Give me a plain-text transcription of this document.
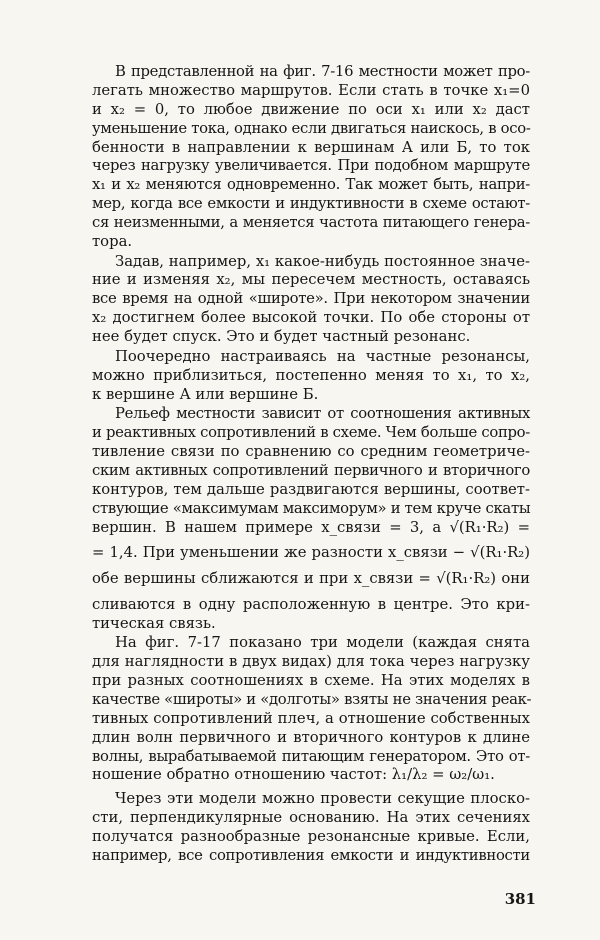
В представленной на фиг. 7-16 местности может про-
легать множество маршрутов. Если стать в точке x₁=0
и x₂ = 0, то любое движение по оси x₁ или x₂ даст
уменьшение тока, однако если двигаться наискось, в осо-
бенности в направлении к вершинам А или Б, то ток
через нагрузку увеличивается. При подобном маршруте
x₁ и x₂ меняются одновременно. Так может быть, напри-
мер, когда все емкости и индуктивности в схеме остают-
ся неизменными, а меняется частота питающего генера-
тора.
Задав, например, x₁ какое-нибудь постоянное значе-
ние и изменяя x₂, мы пересечем местность, оставаясь
все время на одной «широте». При некотором значении
x₂ достигнем более высокой точки. По обе стороны от
нее будет спуск. Это и будет частный резонанс.
Поочередно настраиваясь на частные резонансы,
можно приблизиться, постепенно меняя то x₁, то x₂,
к вершине А или вершине Б.
Рельеф местности зависит от соотношения активных
и реактивных сопротивлений в схеме. Чем больше сопро-
тивление связи по сравнению со средним геометриче-
ским активных сопротивлений первичного и вторичного
контуров, тем дальше раздвигаются вершины, соответ-
ствующие «максимумам максиморум» и тем круче скаты
вершин. В нашем примере x_связи = 3, а √(R₁·R₂) =
= 1,4. При уменьшении же разности x_связи − √(R₁·R₂)
обе вершины сближаются и при x_связи = √(R₁·R₂) они
сливаются в одну расположенную в центре. Это кри-
тическая связь.
На фиг. 7-17 показано три модели (каждая снята
для наглядности в двух видах) для тока через нагрузку
при разных соотношениях в схеме. На этих моделях в
качестве «широты» и «долготы» взяты не значения реак-
тивных сопротивлений плеч, а отношение собственных
длин волн первичного и вторичного контуров к длине
волны, вырабатываемой питающим генератором. Это от-
ношение обратно отношению частот: λ₁/λ₂ = ω₂/ω₁.
Через эти модели можно провести секущие плоско-
сти, перпендикулярные основанию. На этих сечениях
получатся разнообразные резонансные кривые. Если,
например, все сопротивления емкости и индуктивности
381
